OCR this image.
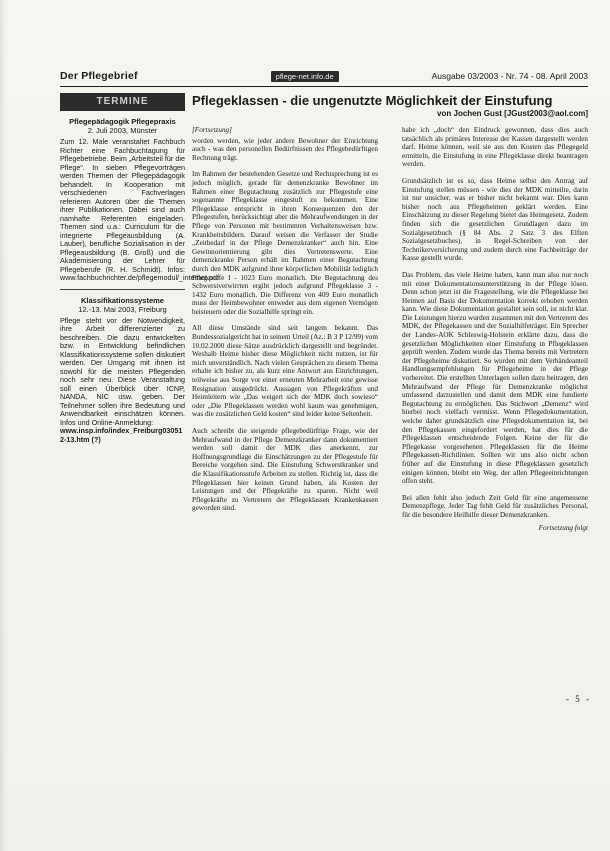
Der Pflegebrief	pflege-net.info.de	Ausgabe 03/2003 - Nr. 74 - 08. April 2003
TERMINE
Pflegepädagogik Pflegepraxis
2. Juli 2003, Münster

Zum 12. Male veranstaltet Fachbuch Richter eine Fachbuchtagung für Pflegebetriebe. Beim „Arbeitsteil für die Pflege“. In sieben Pflegevorträgen werden Themen der Pflegepädagogik behandelt. In Kooperation mit verschiedenen Fachverlagen referieren Autoren über die Themen ihrer Publikationen. Dabei sind auch namhafte Referenten eingeladen. Themen sind u.a.: Curriculum für die integrierte Pflegeausbildung (A. Lauber), berufliche Sozialisation in der Pflegeausbildung (B. Groß) und die Akademisierung der Lehrer für Pflegeberufe (R. H. Schmidt). Infos: www.fachbuchrichter.de/pflegemodul/_internet.pdf

Klassifikationssysteme
12.-13. Mai 2003, Freiburg

Pflege steht vor der Notwendigkeit, ihre Arbeit differenzierter zu beschreiben. Die dazu entwickelten bzw. in Entwicklung befindlichen Klassifikationssysteme sollen diskutiert werden. Der Umgang mit ihnen ist sowohl für die meisten Pflegenden noch sehr neu. Diese Veranstaltung soll einen Überblick über ICNP, NANDA, NIC usw. geben. Der Teilnehmer sollen ihre Bedeutung und Anwendbarkeit einschätzen können. Infos und Online-Anmeldung:

www.insp.info/index_Freiburg030512-13.htm (?)

Pflegeklassen - die ungenutzte Möglichkeit der Einstufung
von Jochen Gust [JGust2003@aol.com]

[Fortsetzung]

worden werden, wie jeder andere Bewohner der Einrichtung auch - was den personellen Bedürfnissen des Pflegebedürftigen Rechnung trägt.

Im Rahmen der bestehenden Gesetze und Rechtsprechung ist es jedoch möglich, gerade für demenzkranke Bewohner im Rahmen einer Begutachtung zusätzlich zur Pflegestufe eine sogenannte Pflegeklasse eingestuft zu bekommen. Eine Pflegeklasse entspricht in ihren Konsequenzen den der Pflegestufen, berücksichtigt aber die Mehraufwendungen in der Pflege von Personen mit bestimmten Verhaltensweisen bzw. Krankheitsbildern. Darauf weisen die Verfasser der Studie „Zeitbedarf in der Pflege Demenzkranker“ auch hin. Eine Gewinnorientierung gibt dies Vertretenswerte. Eine demenzkranke Person erhält im Rahmen einer Begutachtung durch den MDK aufgrund ihrer körperlichen Mobilität lediglich Pflegestufe I - 1023 Euro monatlich. Die Begutachtung des Schwerstverwirrten ergibt jedoch aufgrund Pflegeklasse 3 - 1432 Euro monatlich. Die Differenz von 409 Euro monatlich muss der Heimbewohner entweder aus dem eigenen Vermögen beisteuern oder die Sozialhilfe springt ein.

All diese Umstände sind seit langem bekannt. Das Bundessozialgericht hat in seinem Urteil (Az.: B 3 P 12/99) vom 10.02.2000 diese Sätze ausdrücklich dargestellt und begründet. Weshalb Heime bisher diese Möglichkeit nicht nutzen, ist für mich unverständlich. Nach vielen Gesprächen zu diesem Thema erhalte ich bisher zu, als kurz eine Antwort aus Einrichtungen, teilweise aus Sorge vor einer erneuten Mehrarbeit eine gewisse Resignation ausgedrückt. Aussagen von Pflegekräften und Heimleitern wie „Das weigert sich der MDK doch sowieso“ oder „Die Pflegeklassen werden wohl kaum was genehmigen, was die zusätzlichen Geld kosten“ sind leider keine Seltenheit.

Auch schreibt die steigende pflegebedürftige Frage, wie der Mehraufwand in der Pflege Demenzkranker dann dokumentiert werden soll damit der MDK dies anerkennt, zur Hoffnungsgrundlage die Einschätzungen zu der Pflegestufe für Bereiche vorgehen sind. Die Einstufung Schwerstkranker und die Klassifikationsstufe Arbeiten zu stellen. Richtig ist, dass die Pflegeklassen hier keinen Grund haben, als Kosten der Leistungen und der Pflegekräfte zu sparen. Nicht weil Pflegekräfte zu Vertretern der Pflegeklassen Krankenkassen geworden sind.

habe ich „doch“ den Eindruck gewonnen, dass dies auch tatsächlich als primäres Interesse der Kassen dargestellt werden darf. Heime können, weil sie aus den Kosten das Pflegegeld ermitteln, die Einstufung in eine Pflegeklasse direkt beantragen werden.

Grundsätzlich ist es so, dass Heime selbst den Antrag auf Einstufung stellen müssen - wie dies der MDK mitteilte, darin ist nur unsicher, was er bisher nicht bekannt war. Dies kann bisher noch aus Pflegeheimen geklärt werden. Eine Einschätzung zu dieser Regelung bietet das Heimgesetz. Zudem finden sich die gesetzlichen Grundlagen dazu im Sozialgesetzbuch (§ 84 Abs. 2 Satz 3 des Elften Sozialgesetzbuches), in Regel-Schreiben von der Technikerversicherung und zudem durch eine Fachbeiträge der Kasse gestellt wurde.

Das Problem, das viele Heime haben, kann man also nur noch mit einer Dokumentationsunterstützung in der Pflege lösen. Denn schon jetzt ist die Fragestellung, wie die Pflegeklasse bei Heimen auf Basis der Dokumentation korrekt erhoben werden kann. Wie diese Dokumentation gestaltet sein soll, ist nicht klar. Die Leistungen hierzu wurden zusammen mit den Vertretern des MDK, der Pflegekassen und der Sozialhilfeträger. Ein Sprecher der Landes-AOK Schleswig-Holstein erklärte dazu, dass die gesetzlichen Möglichkeiten einer Einstufung in Pflegeklassen geprüft werden. Zudem wurde das Thema bereits mit Vertretern der Pflegeheime diskutiert. So wurden mit dem Verbändeanteil Handlungsempfehlungen für Pflegeheime in der Pflege vorbereitet. Die erstellten Unterlagen sollen dazu beitragen, den Mehraufwand der Pflege für Demenzkranke möglichst umfassend darzustellen und damit dem MDK eine fundierte Begutachtung zu ermöglichen. Das Stichwort „Demenz“ wird hierbei noch vielfach vermisst. Wenn Pflegedokumentation, welche daher grundsätzlich eine Pflegedokumentation ist, bei den Pflegekassen eingefordert werden, hat dies für die Pflegeklassen entscheidende Folgen. Keine der für die Pflegekasse vorgesehenen Pflegeklassen für die Heime Pflegekassen-Richtlinien. Sollten wir uns also nicht schon früher auf die Einstufung in diese Pflegeklassen gesetzlich einigen können, bleibt ein Weg, der allen Pflegeeinrichtungen offen steht.

Bei allen fehlt also jedoch Zeit Geld für eine angemessene Demenzpflege. Jeder Tag fehlt Geld für zusätzliches Personal, für die besondere Heilhilfe dieser Demenzkranken.

Fortsetzung folgt
- 5 -
